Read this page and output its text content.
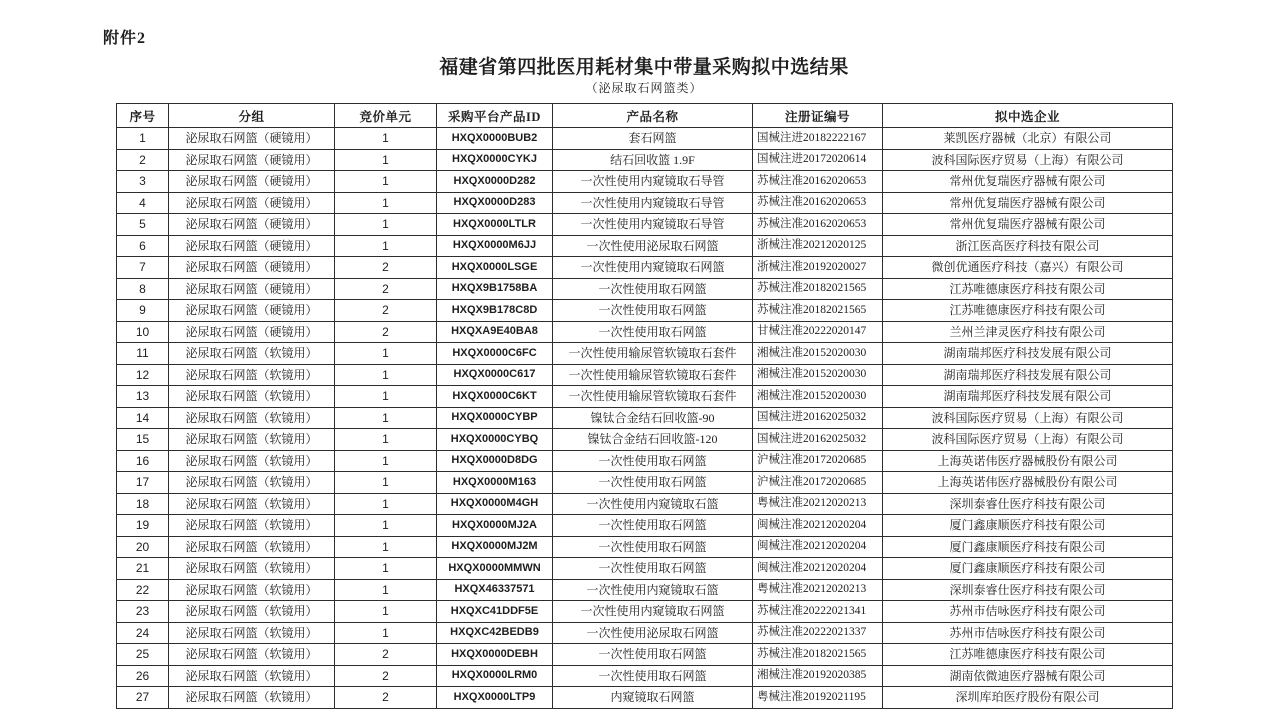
附件2
福建省第四批医用耗材集中带量采购拟中选结果
（泌尿取石网篮类）
序号	分组	竞价单元	采购平台产品ID	产品名称	注册证编号	拟中选企业
1	泌尿取石网篮（硬镜用）	1	HXQX0000BUB2	套石网篮	国械注进20182222167	莱凯医疗器械（北京）有限公司
2	泌尿取石网篮（硬镜用）	1	HXQX0000CYKJ	结石回收篮 1.9F	国械注进20172020614	波科国际医疗贸易（上海）有限公司
3	泌尿取石网篮（硬镜用）	1	HXQX0000D282	一次性使用内窥镜取石导管	苏械注准20162020653	常州优复瑞医疗器械有限公司
4	泌尿取石网篮（硬镜用）	1	HXQX0000D283	一次性使用内窥镜取石导管	苏械注准20162020653	常州优复瑞医疗器械有限公司
5	泌尿取石网篮（硬镜用）	1	HXQX0000LTLR	一次性使用内窥镜取石导管	苏械注准20162020653	常州优复瑞医疗器械有限公司
6	泌尿取石网篮（硬镜用）	1	HXQX0000M6JJ	一次性使用泌尿取石网篮	浙械注准20212020125	浙江医高医疗科技有限公司
7	泌尿取石网篮（硬镜用）	2	HXQX0000LSGE	一次性使用内窥镜取石网篮	浙械注准20192020027	微创优通医疗科技（嘉兴）有限公司
8	泌尿取石网篮（硬镜用）	2	HXQX9B1758BA	一次性使用取石网篮	苏械注准20182021565	江苏唯德康医疗科技有限公司
9	泌尿取石网篮（硬镜用）	2	HXQX9B178C8D	一次性使用取石网篮	苏械注准20182021565	江苏唯德康医疗科技有限公司
10	泌尿取石网篮（硬镜用）	2	HXQXA9E40BA8	一次性使用取石网篮	甘械注准20222020147	兰州兰津灵医疗科技有限公司
11	泌尿取石网篮（软镜用）	1	HXQX0000C6FC	一次性使用输尿管软镜取石套件	湘械注准20152020030	湖南瑞邦医疗科技发展有限公司
12	泌尿取石网篮（软镜用）	1	HXQX0000C617	一次性使用输尿管软镜取石套件	湘械注准20152020030	湖南瑞邦医疗科技发展有限公司
13	泌尿取石网篮（软镜用）	1	HXQX0000C6KT	一次性使用输尿管软镜取石套件	湘械注准20152020030	湖南瑞邦医疗科技发展有限公司
14	泌尿取石网篮（软镜用）	1	HXQX0000CYBP	镍钛合金结石回收篮-90	国械注进20162025032	波科国际医疗贸易（上海）有限公司
15	泌尿取石网篮（软镜用）	1	HXQX0000CYBQ	镍钛合金结石回收篮-120	国械注进20162025032	波科国际医疗贸易（上海）有限公司
16	泌尿取石网篮（软镜用）	1	HXQX0000D8DG	一次性使用取石网篮	沪械注准20172020685	上海英诺伟医疗器械股份有限公司
17	泌尿取石网篮（软镜用）	1	HXQX0000M163	一次性使用取石网篮	沪械注准20172020685	上海英诺伟医疗器械股份有限公司
18	泌尿取石网篮（软镜用）	1	HXQX0000M4GH	一次性使用内窥镜取石篮	粤械注准20212020213	深圳泰睿仕医疗科技有限公司
19	泌尿取石网篮（软镜用）	1	HXQX0000MJ2A	一次性使用取石网篮	闽械注准20212020204	厦门鑫康顺医疗科技有限公司
20	泌尿取石网篮（软镜用）	1	HXQX0000MJ2M	一次性使用取石网篮	闽械注准20212020204	厦门鑫康顺医疗科技有限公司
21	泌尿取石网篮（软镜用）	1	HXQX0000MMWN	一次性使用取石网篮	闽械注准20212020204	厦门鑫康顺医疗科技有限公司
22	泌尿取石网篮（软镜用）	1	HXQX46337571	一次性使用内窥镜取石篮	粤械注准20212020213	深圳泰睿仕医疗科技有限公司
23	泌尿取石网篮（软镜用）	1	HXQXC41DDF5E	一次性使用内窥镜取石网篮	苏械注准20222021341	苏州市佶咏医疗科技有限公司
24	泌尿取石网篮（软镜用）	1	HXQXC42BEDB9	一次性使用泌尿取石网篮	苏械注准20222021337	苏州市佶咏医疗科技有限公司
25	泌尿取石网篮（软镜用）	2	HXQX0000DEBH	一次性使用取石网篮	苏械注准20182021565	江苏唯德康医疗科技有限公司
26	泌尿取石网篮（软镜用）	2	HXQX0000LRM0	一次性使用取石网篮	湘械注准20192020385	湖南依微迪医疗器械有限公司
27	泌尿取石网篮（软镜用）	2	HXQX0000LTP9	内窥镜取石网篮	粤械注准20192021195	深圳库珀医疗股份有限公司
